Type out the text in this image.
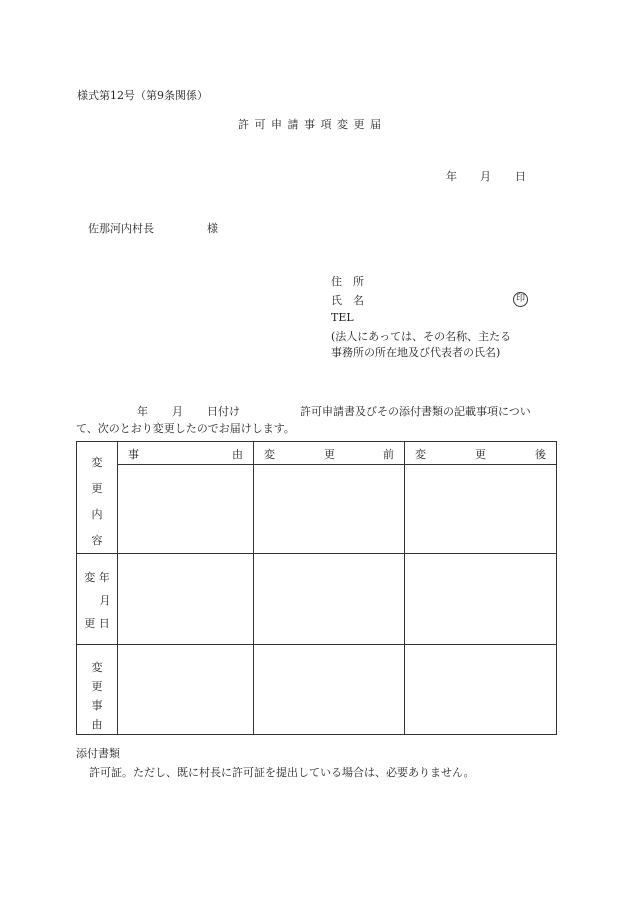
様式第12号（第9条関係）
許 可 申 請 事 項 変 更 届
年 月 日
佐那河内村長	様
住　所
氏　名	印
TEL
(法人にあっては、その名称、主たる
事務所の所在地及び代表者の氏名)
年 月 日付け	許可申請書及びその添付書類の記載事項につい
て、次のとおり変更したのでお届けします。
変
更
内
容	事 由	変 更 前	変 更 後

変 年
月
更 日			

変
更
事
由			

添付書類
許可証。ただし、既に村長に許可証を提出している場合は、必要ありません。
